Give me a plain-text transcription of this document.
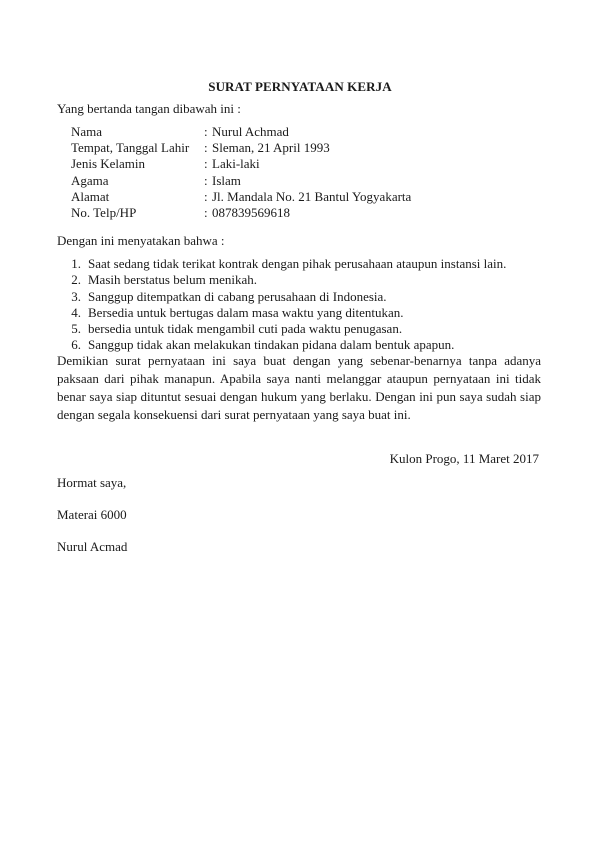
SURAT PERNYATAAN KERJA
Yang bertanda tangan dibawah ini :
Nama	: Nurul Achmad
Tempat, Tanggal Lahir	: Sleman, 21 April 1993
Jenis Kelamin	: Laki-laki
Agama	: Islam
Alamat	: Jl. Mandala No. 21 Bantul Yogyakarta
No. Telp/HP	: 087839569618
Dengan ini menyatakan bahwa :
1. Saat sedang tidak terikat kontrak dengan pihak perusahaan ataupun instansi lain.
2. Masih berstatus belum menikah.
3. Sanggup ditempatkan di cabang perusahaan di Indonesia.
4. Bersedia untuk bertugas dalam masa waktu yang ditentukan.
5. bersedia untuk tidak mengambil cuti pada waktu penugasan.
6. Sanggup tidak akan melakukan tindakan pidana dalam bentuk apapun.
Demikian surat pernyataan ini saya buat dengan yang sebenar-benarnya tanpa adanya paksaan dari pihak manapun. Apabila saya nanti melanggar ataupun pernyataan ini tidak benar saya siap dituntut sesuai dengan hukum yang berlaku. Dengan ini pun saya sudah siap dengan segala konsekuensi dari surat pernyataan yang saya buat ini.
Kulon Progo, 11 Maret 2017
Hormat saya,
Materai 6000
Nurul Acmad
